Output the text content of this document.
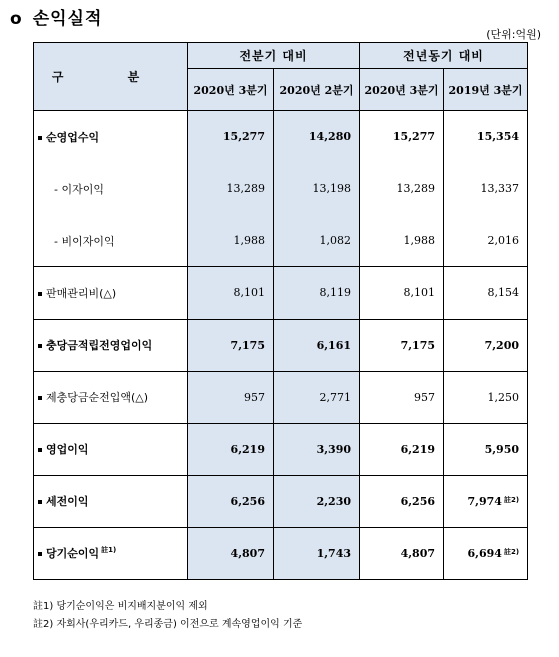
o 손익실적
(단위:억원)
구 분	전분기 대비		전년동기 대비	
	2020년 3분기	2020년 2분기	2020년 3분기	2019년 3분기
순영업수익	15,277	14,280	15,277	15,354
- 이자이익	13,289	13,198	13,289	13,337
- 비이자이익	1,988	1,082	1,988	2,016
판매관리비(△)	8,101	8,119	8,101	8,154
충당금적립전영업이익	7,175	6,161	7,175	7,200
제충당금순전입액(△)	957	2,771	957	1,250
영업이익	6,219	3,390	6,219	5,950
세전이익	6,256	2,230	6,256	7,974 $^{註2)}$
당기순이익 $^{註1)}$	4,807	1,743	4,807	6,694 $^{註2)}$
註1) 당기순이익은 비지배지분이익 제외
註2) 자회사(우리카드, 우리종금) 이전으로 계속영업이익 기준
